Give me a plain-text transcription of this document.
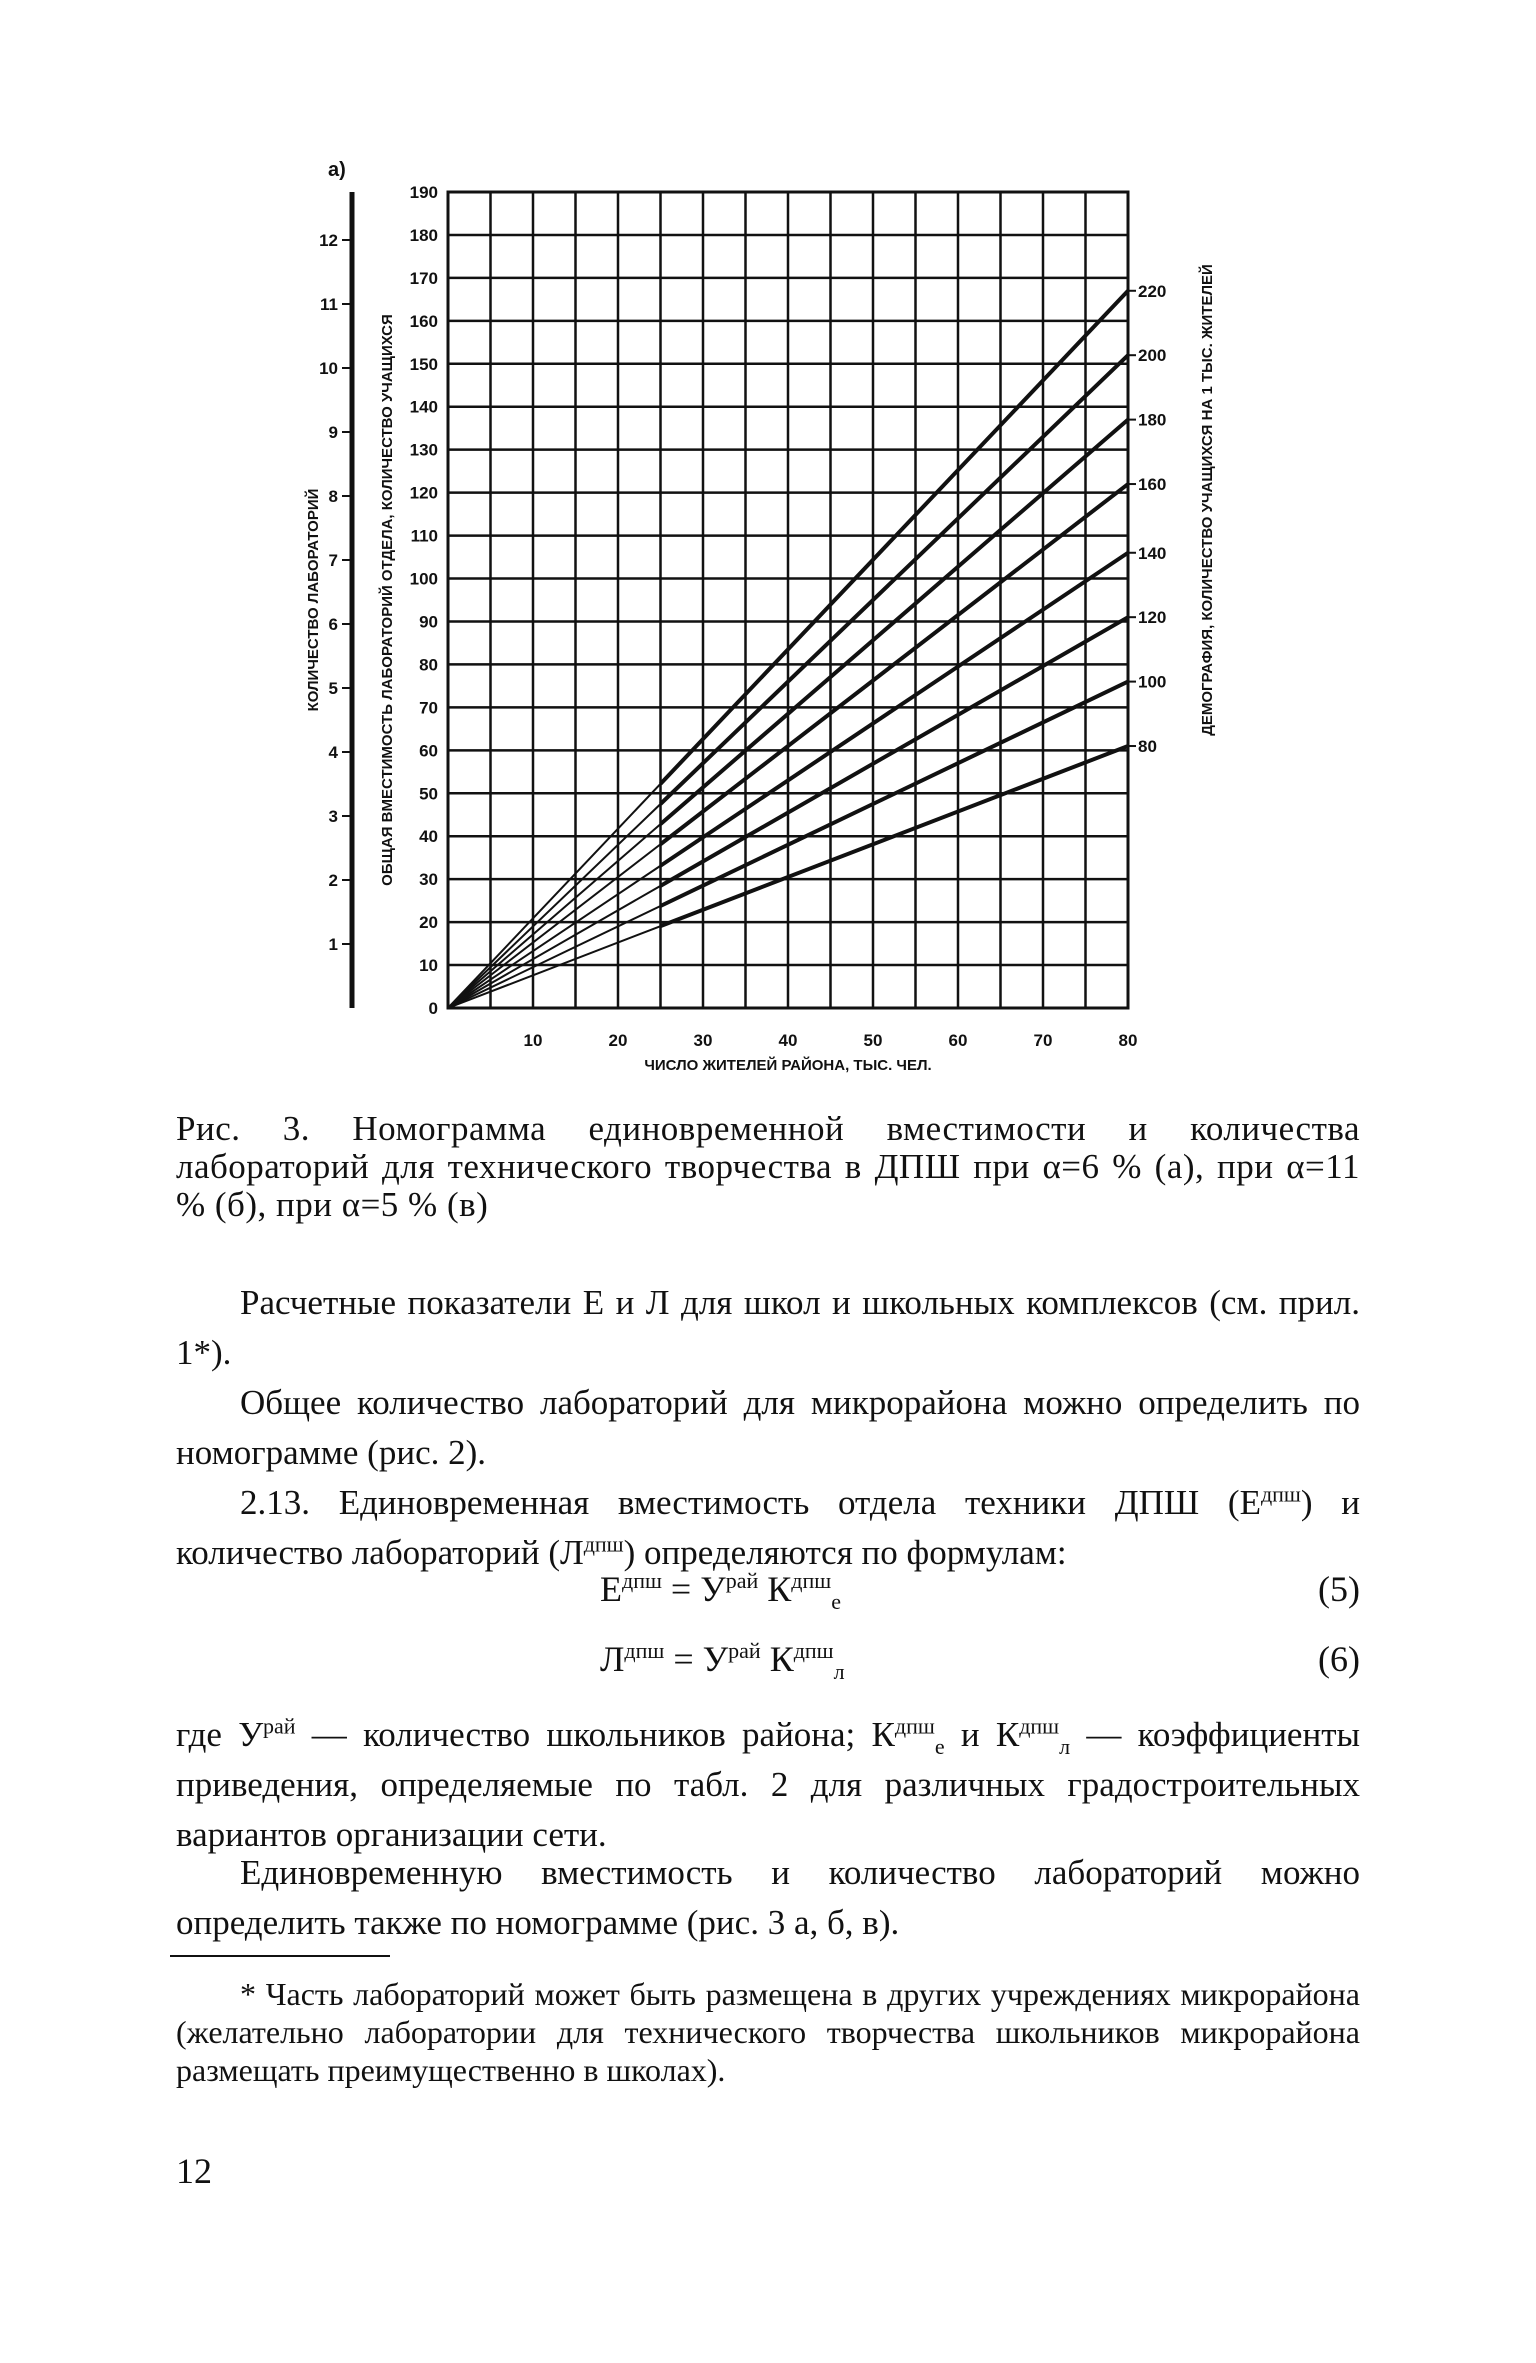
0
10
20
30
40
50
60
70
80
90
100
110
120
130
140
150
160
170
180
190
10	20	30	40	50	60	70	80
80
100
120
140
160
180
200
220
1
2
3
4
5
6
7
8
9
10
11
12
а)
ЧИСЛО ЖИТЕЛЕЙ РАЙОНА, ТЫС. ЧЕЛ.
КОЛИЧЕСТВО ЛАБОРАТОРИЙ	ОБЩАЯ ВМЕСТИМОСТЬ ЛАБОРАТОРИЙ ОТДЕЛА, КОЛИЧЕСТВО УЧАЩИХСЯ	ДЕМОГРАФИЯ, КОЛИЧЕСТВО УЧАЩИХСЯ НА 1 ТЫС. ЖИТЕЛЕЙ
Рис. 3. Номограмма единовременной вместимости и количества лабораторий для технического творчества в ДПШ при α=6 % (а), при α=11 % (б), при α=5 % (в)
Расчетные показатели Е и Л для школ и школьных комплексов (см. прил. 1*).
Общее количество лабораторий для микрорайона можно определить по номограмме (рис. 2).
2.13. Единовременная вместимость отдела техники ДПШ $(Е^{дпш})$ и количество лабораторий $(Л^{дпш})$ определяются по формулам:
$Е^{дпш} = У^{рай}$ $К^{дпш}_е$	(5)
$Л^{дпш} = У^{рай}$ $К^{дпш}_л$	(6)
где $У^{рай}$ — количество школьников района; $К^{дпш}_е$ и $К^{дпш}_л$ — коэффициенты приведения, определяемые по табл. 2 для различных градостроительных вариантов организации сети.
Единовременную вместимость и количество лабораторий можно определить также по номограмме (рис. 3 а, б, в).
* Часть лабораторий может быть размещена в других учреждениях микрорайона (желательно лаборатории для технического творчества школьников микрорайона размещать преимущественно в школах).
12
